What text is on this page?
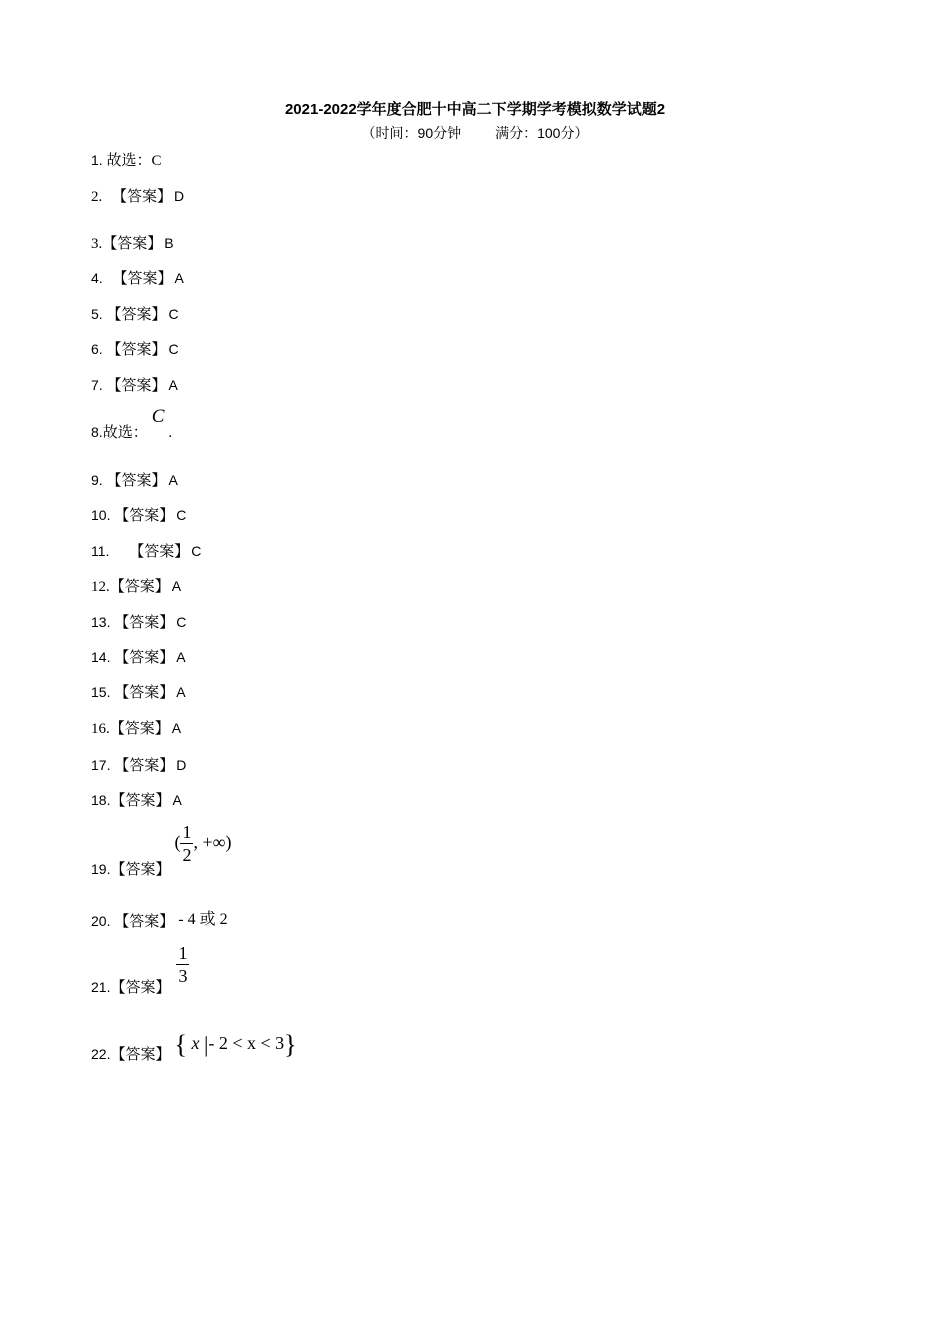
2021-2022学年度合肥十中高二下学期学考模拟数学试题2
（时间：90分钟 满分：100分）
1. 故选：C
2. 【答案】 D
3.【答案】 B
4. 【答案】 A
5. 【答案】 C
6. 【答案】 C
7. 【答案】 A
8.故选：C.
9. 【答案】 A
10. 【答案】 C
11. 【答案】 C
12.【答案】 A
13. 【答案】 C
14. 【答案】 A
15. 【答案】 A
16.【答案】 A
17. 【答案】 D
18.【答案】 A
19.【答案】( $\frac{1}{2}$ , +∞)
20. 【答案】 - 4 或 2
21.【答案】
$\frac{1}{3}$
22.【答案】 { x |- 2 < x < 3}
